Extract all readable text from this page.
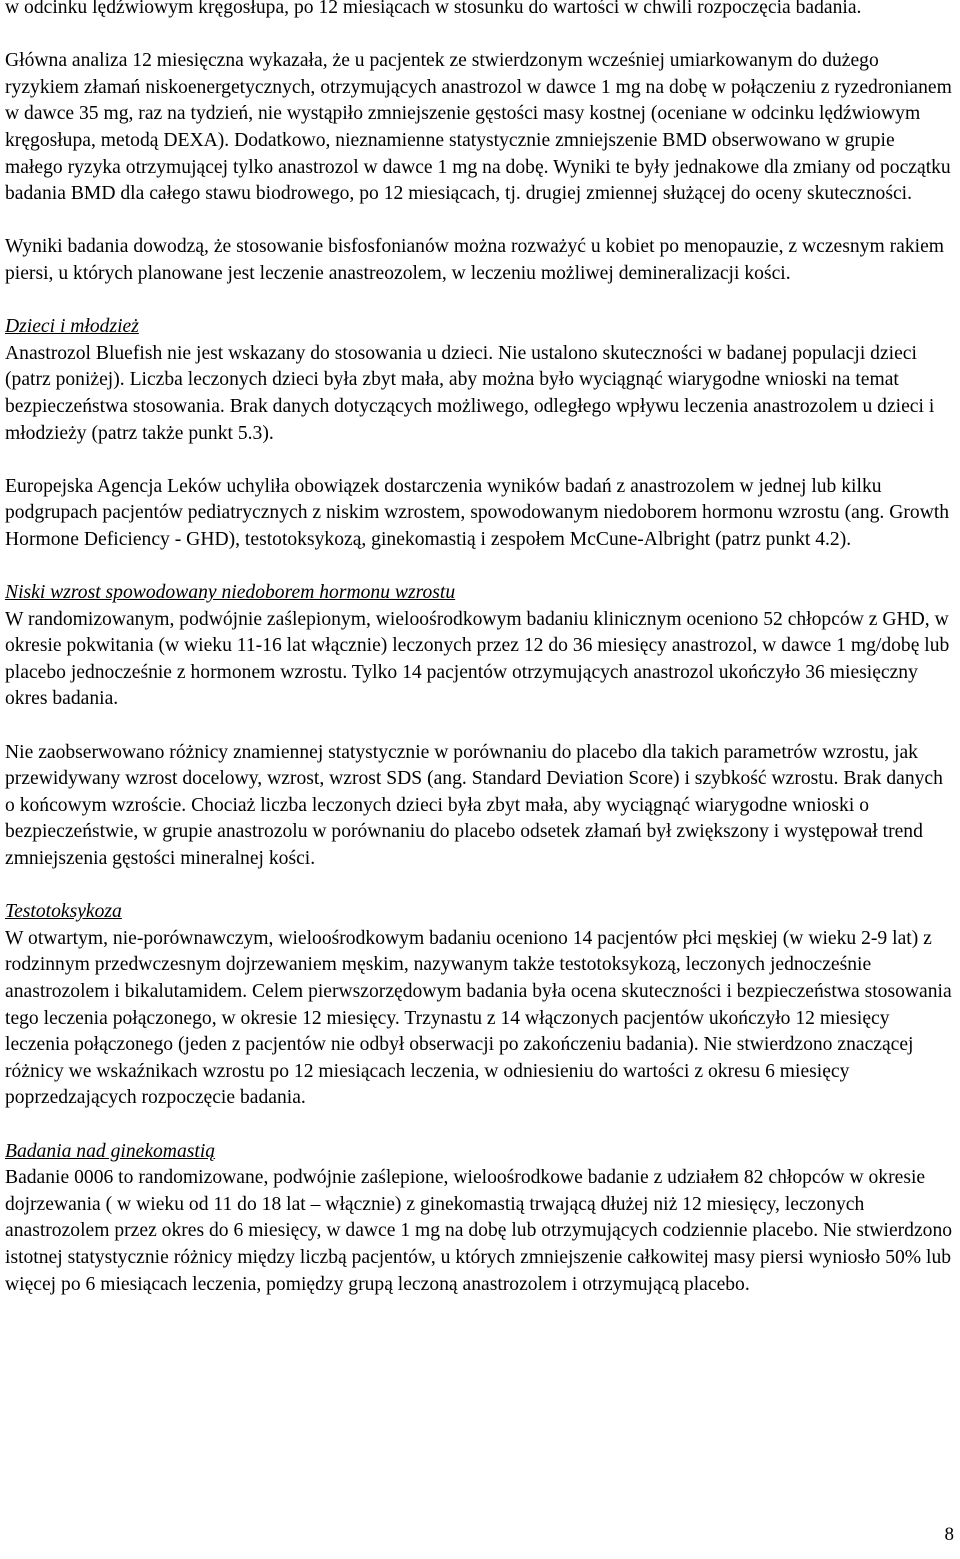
w odcinku lędźwiowym kręgosłupa, po 12 miesiącach w stosunku do wartości w chwili rozpoczęcia badania.

Główna analiza 12 miesięczna wykazała, że u pacjentek ze stwierdzonym wcześniej umiarkowanym do dużego ryzykiem złamań niskoenergetycznych, otrzymujących anastrozol w dawce 1 mg na dobę w połączeniu z ryzedronianem w dawce 35 mg, raz na tydzień, nie wystąpiło zmniejszenie gęstości masy kostnej (oceniane w odcinku lędźwiowym kręgosłupa, metodą DEXA). Dodatkowo, nieznamienne statystycznie zmniejszenie BMD obserwowano w grupie małego ryzyka otrzymującej tylko anastrozol w dawce 1 mg na dobę. Wyniki te były jednakowe dla zmiany od początku badania BMD dla całego stawu biodrowego, po 12 miesiącach, tj. drugiej zmiennej służącej do oceny skuteczności.

Wyniki badania dowodzą, że stosowanie bisfosfonianów można rozważyć u kobiet po menopauzie, z wczesnym rakiem piersi, u których planowane jest leczenie anastreozolem, w leczeniu możliwej demineralizacji kości.

Dzieci i młodzież

Anastrozol Bluefish nie jest wskazany do stosowania u dzieci. Nie ustalono skuteczności w badanej populacji dzieci (patrz poniżej). Liczba leczonych dzieci była zbyt mała, aby można było wyciągnąć wiarygodne wnioski na temat bezpieczeństwa stosowania. Brak danych dotyczących możliwego, odległego wpływu leczenia anastrozolem u dzieci i młodzieży (patrz także punkt 5.3).

Europejska Agencja Leków uchyliła obowiązek dostarczenia wyników badań z anastrozolem w jednej lub kilku podgrupach pacjentów pediatrycznych z niskim wzrostem, spowodowanym niedoborem hormonu wzrostu (ang. Growth Hormone Deficiency - GHD), testotoksykozą, ginekomastią i zespołem McCune-Albright (patrz punkt 4.2).

Niski wzrost spowodowany niedoborem hormonu wzrostu

W randomizowanym, podwójnie zaślepionym, wieloośrodkowym badaniu klinicznym oceniono 52 chłopców z GHD, w okresie pokwitania (w wieku 11-16 lat włącznie) leczonych przez 12 do 36 miesięcy anastrozol, w dawce 1 mg/dobę lub placebo jednocześnie z hormonem wzrostu. Tylko 14 pacjentów otrzymujących anastrozol ukończyło 36 miesięczny okres badania.

Nie zaobserwowano różnicy znamiennej statystycznie w porównaniu do placebo dla takich parametrów wzrostu, jak przewidywany wzrost docelowy, wzrost, wzrost SDS (ang. Standard Deviation Score) i szybkość wzrostu. Brak danych o końcowym wzroście. Chociaż liczba leczonych dzieci była zbyt mała, aby wyciągnąć wiarygodne wnioski o bezpieczeństwie, w grupie anastrozolu w porównaniu do placebo odsetek złamań był zwiększony i występował trend zmniejszenia gęstości mineralnej kości.

Testotoksykoza

W otwartym, nie-porównawczym, wieloośrodkowym badaniu oceniono 14 pacjentów płci męskiej (w wieku 2-9 lat) z rodzinnym przedwczesnym dojrzewaniem męskim, nazywanym także testotoksykozą, leczonych jednocześnie anastrozolem i bikalutamidem. Celem pierwszorzędowym badania była ocena skuteczności i bezpieczeństwa stosowania tego leczenia połączonego, w okresie 12 miesięcy. Trzynastu z 14 włączonych pacjentów ukończyło 12 miesięcy leczenia połączonego (jeden z pacjentów nie odbył obserwacji po zakończeniu badania). Nie stwierdzono znaczącej różnicy we wskaźnikach wzrostu po 12 miesiącach leczenia, w odniesieniu do wartości z okresu 6 miesięcy poprzedzających rozpoczęcie badania.

Badania nad ginekomastią

Badanie 0006 to randomizowane, podwójnie zaślepione, wieloośrodkowe badanie z udziałem 82 chłopców w okresie dojrzewania ( w wieku od 11 do 18 lat – włącznie) z ginekomastią trwającą dłużej niż 12 miesięcy, leczonych anastrozolem przez okres do 6 miesięcy, w dawce 1 mg na dobę lub otrzymujących codziennie placebo. Nie stwierdzono istotnej statystycznie różnicy między liczbą pacjentów, u których zmniejszenie całkowitej masy piersi wyniosło 50% lub więcej po 6 miesiącach leczenia, pomiędzy grupą leczoną anastrozolem i otrzymującą placebo.

8
